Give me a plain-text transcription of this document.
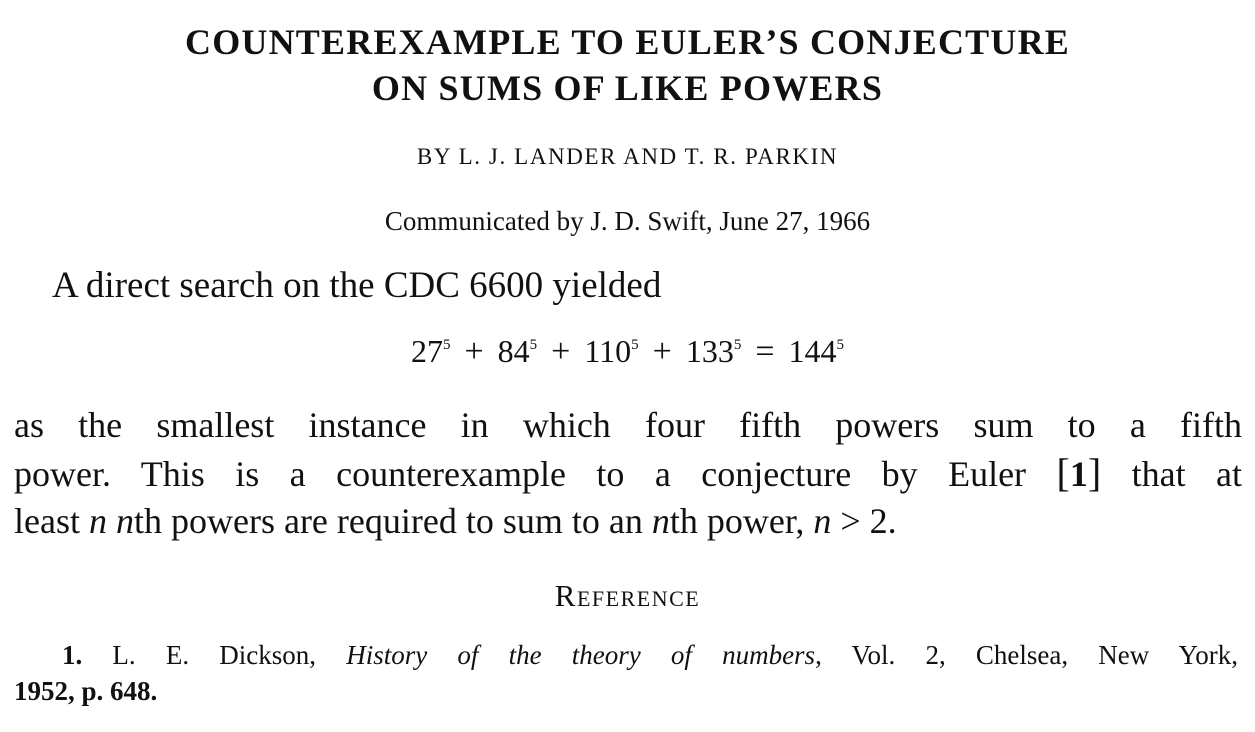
COUNTEREXAMPLE TO EULER’S CONJECTURE
ON SUMS OF LIKE POWERS
BY L. J. LANDER AND T. R. PARKIN
Communicated by J. D. Swift, June 27, 1966
A direct search on the CDC 6600 yielded
$27^5 + 84^5 + 110^5 + 133^5 = 144^5$
as the smallest instance in which four fifth powers sum to a fifth
power. This is a counterexample to a conjecture by Euler [1] that at
least n nth powers are required to sum to an nth power, n > 2.
Reference
1. L. E. Dickson, History of the theory of numbers, Vol. 2, Chelsea, New York,
1952, p. 648.
